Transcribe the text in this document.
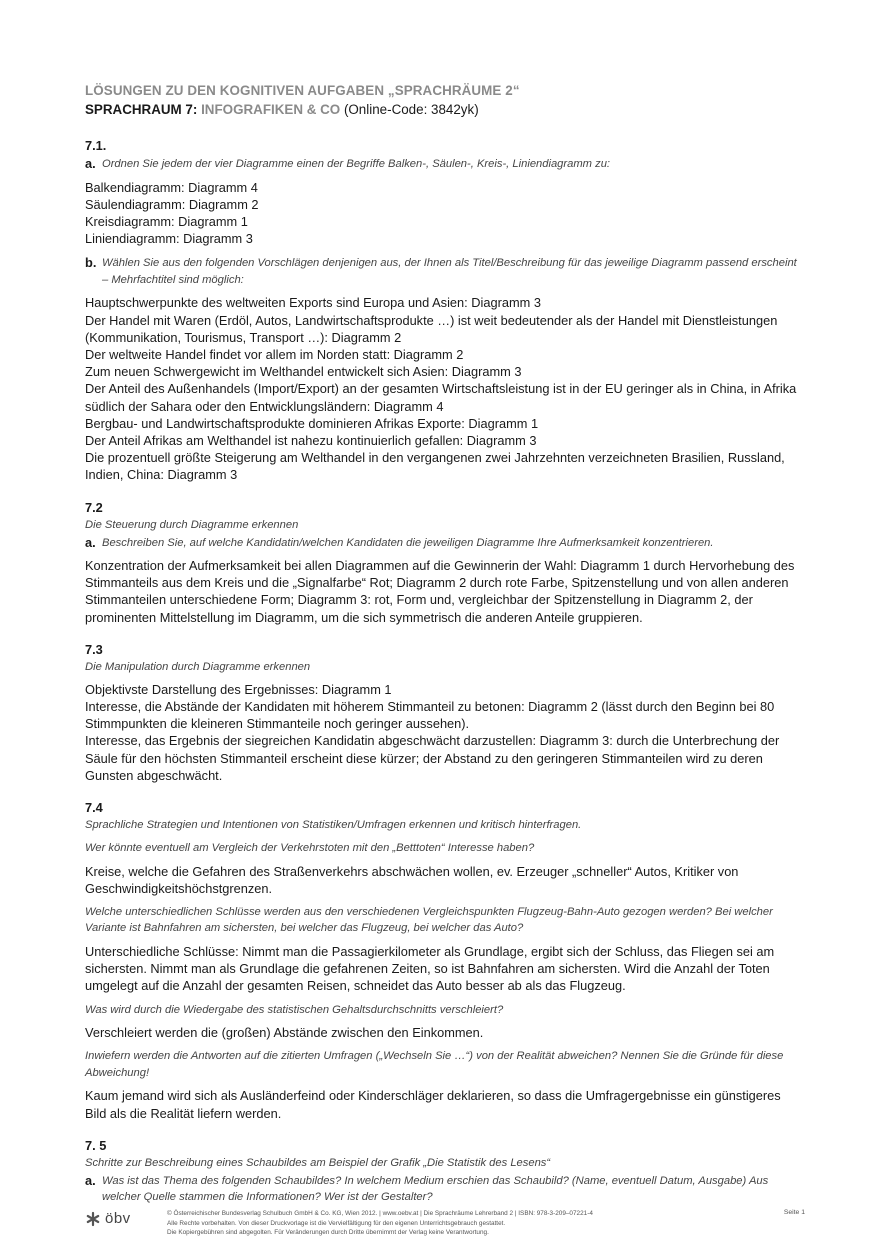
LÖSUNGEN ZU DEN KOGNITIVEN AUFGABEN „SPRACHRÄUME 2“
SPRACHRAUM 7: INFOGRAFIKEN & CO (Online-Code: 3842yk)
7.1.
a. Ordnen Sie jedem der vier Diagramme einen der Begriffe Balken-, Säulen-, Kreis-, Liniendiagramm zu:
Balkendiagramm: Diagramm 4
Säulendiagramm: Diagramm 2
Kreisdiagramm: Diagramm 1
Liniendiagramm: Diagramm 3
b. Wählen Sie aus den folgenden Vorschlägen denjenigen aus, der Ihnen als Titel/Beschreibung für das jeweilige Diagramm passend erscheint – Mehrfachtitel sind möglich:
Hauptschwerpunkte des weltweiten Exports sind Europa und Asien: Diagramm 3
Der Handel mit Waren (Erdöl, Autos, Landwirtschaftsprodukte …) ist weit bedeutender als der Handel mit Dienstleistungen (Kommunikation, Tourismus, Transport …): Diagramm 2
Der weltweite Handel findet vor allem im Norden statt: Diagramm 2
Zum neuen Schwergewicht im Welthandel entwickelt sich Asien: Diagramm 3
Der Anteil des Außenhandels (Import/Export) an der gesamten Wirtschaftsleistung ist in der EU geringer als in China, in Afrika südlich der Sahara oder den Entwicklungsländern: Diagramm 4
Bergbau- und Landwirtschaftsprodukte dominieren Afrikas Exporte: Diagramm 1
Der Anteil Afrikas am Welthandel ist nahezu kontinuierlich gefallen: Diagramm 3
Die prozentuell größte Steigerung am Welthandel in den vergangenen zwei Jahrzehnten verzeichneten Brasilien, Russland, Indien, China: Diagramm 3
7.2
Die Steuerung durch Diagramme erkennen
a. Beschreiben Sie, auf welche Kandidatin/welchen Kandidaten die jeweiligen Diagramme Ihre Aufmerksamkeit konzentrieren.
Konzentration der Aufmerksamkeit bei allen Diagrammen auf die Gewinnerin der Wahl: Diagramm 1 durch Hervorhebung des Stimmanteils aus dem Kreis und die „Signalfarbe“ Rot; Diagramm 2 durch rote Farbe, Spitzenstellung und von allen anderen Stimmanteilen unterschiedene Form; Diagramm 3: rot, Form und, vergleichbar der Spitzenstellung in Diagramm 2, der prominenten Mittelstellung im Diagramm, um die sich symmetrisch die anderen Anteile gruppieren.
7.3
Die Manipulation durch Diagramme erkennen
Objektivste Darstellung des Ergebnisses: Diagramm 1
Interesse, die Abstände der Kandidaten mit höherem Stimmanteil zu betonen: Diagramm 2 (lässt durch den Beginn bei 80 Stimmpunkten die kleineren Stimmanteile noch geringer aussehen).
Interesse, das Ergebnis der siegreichen Kandidatin abgeschwächt darzustellen: Diagramm 3: durch die Unterbrechung der Säule für den höchsten Stimmanteil erscheint diese kürzer; der Abstand zu den geringeren Stimmanteilen wird zu deren Gunsten abgeschwächt.
7.4
Sprachliche Strategien und Intentionen von Statistiken/Umfragen erkennen und kritisch hinterfragen.
Wer könnte eventuell am Vergleich der Verkehrstoten mit den „Betttoten“ Interesse haben?
Kreise, welche die Gefahren des Straßenverkehrs abschwächen wollen, ev. Erzeuger „schneller“ Autos, Kritiker von Geschwindigkeitshöchstgrenzen.
Welche unterschiedlichen Schlüsse werden aus den verschiedenen Vergleichspunkten Flugzeug-Bahn-Auto gezogen werden? Bei welcher Variante ist Bahnfahren am sichersten, bei welcher das Flugzeug, bei welcher das Auto?
Unterschiedliche Schlüsse: Nimmt man die Passagierkilometer als Grundlage, ergibt sich der Schluss, das Fliegen sei am sichersten. Nimmt man als Grundlage die gefahrenen Zeiten, so ist Bahnfahren am sichersten. Wird die Anzahl der Toten umgelegt auf die Anzahl der gesamten Reisen, schneidet das Auto besser ab als das Flugzeug.
Was wird durch die Wiedergabe des statistischen Gehaltsdurchschnitts verschleiert?
Verschleiert werden die (großen) Abstände zwischen den Einkommen.
Inwiefern werden die Antworten auf die zitierten Umfragen („Wechseln Sie …“) von der Realität abweichen? Nennen Sie die Gründe für diese Abweichung!
Kaum jemand wird sich als Ausländerfeind oder Kinderschläger deklarieren, so dass die Umfragergebnisse ein günstigeres Bild als die Realität liefern werden.
7. 5
Schritte zur Beschreibung eines Schaubildes am Beispiel der Grafik „Die Statistik des Lesens“
a. Was ist das Thema des folgenden Schaubildes? In welchem Medium erschien das Schaubild? (Name, eventuell Datum, Ausgabe) Aus welcher Quelle stammen die Informationen? Wer ist der Gestalter?
öbv	© Österreichischer Bundesverlag Schulbuch GmbH & Co. KG, Wien 2012. | www.oebv.at | Die Sprachräume Lehrerband 2 | ISBN: 978-3-209–07221-4
Alle Rechte vorbehalten. Von dieser Druckvorlage ist die Vervielfältigung für den eigenen Unterrichtsgebrauch gestattet.
Die Kopiergebühren sind abgegolten. Für Veränderungen durch Dritte übernimmt der Verlag keine Verantwortung.
Seite 1
